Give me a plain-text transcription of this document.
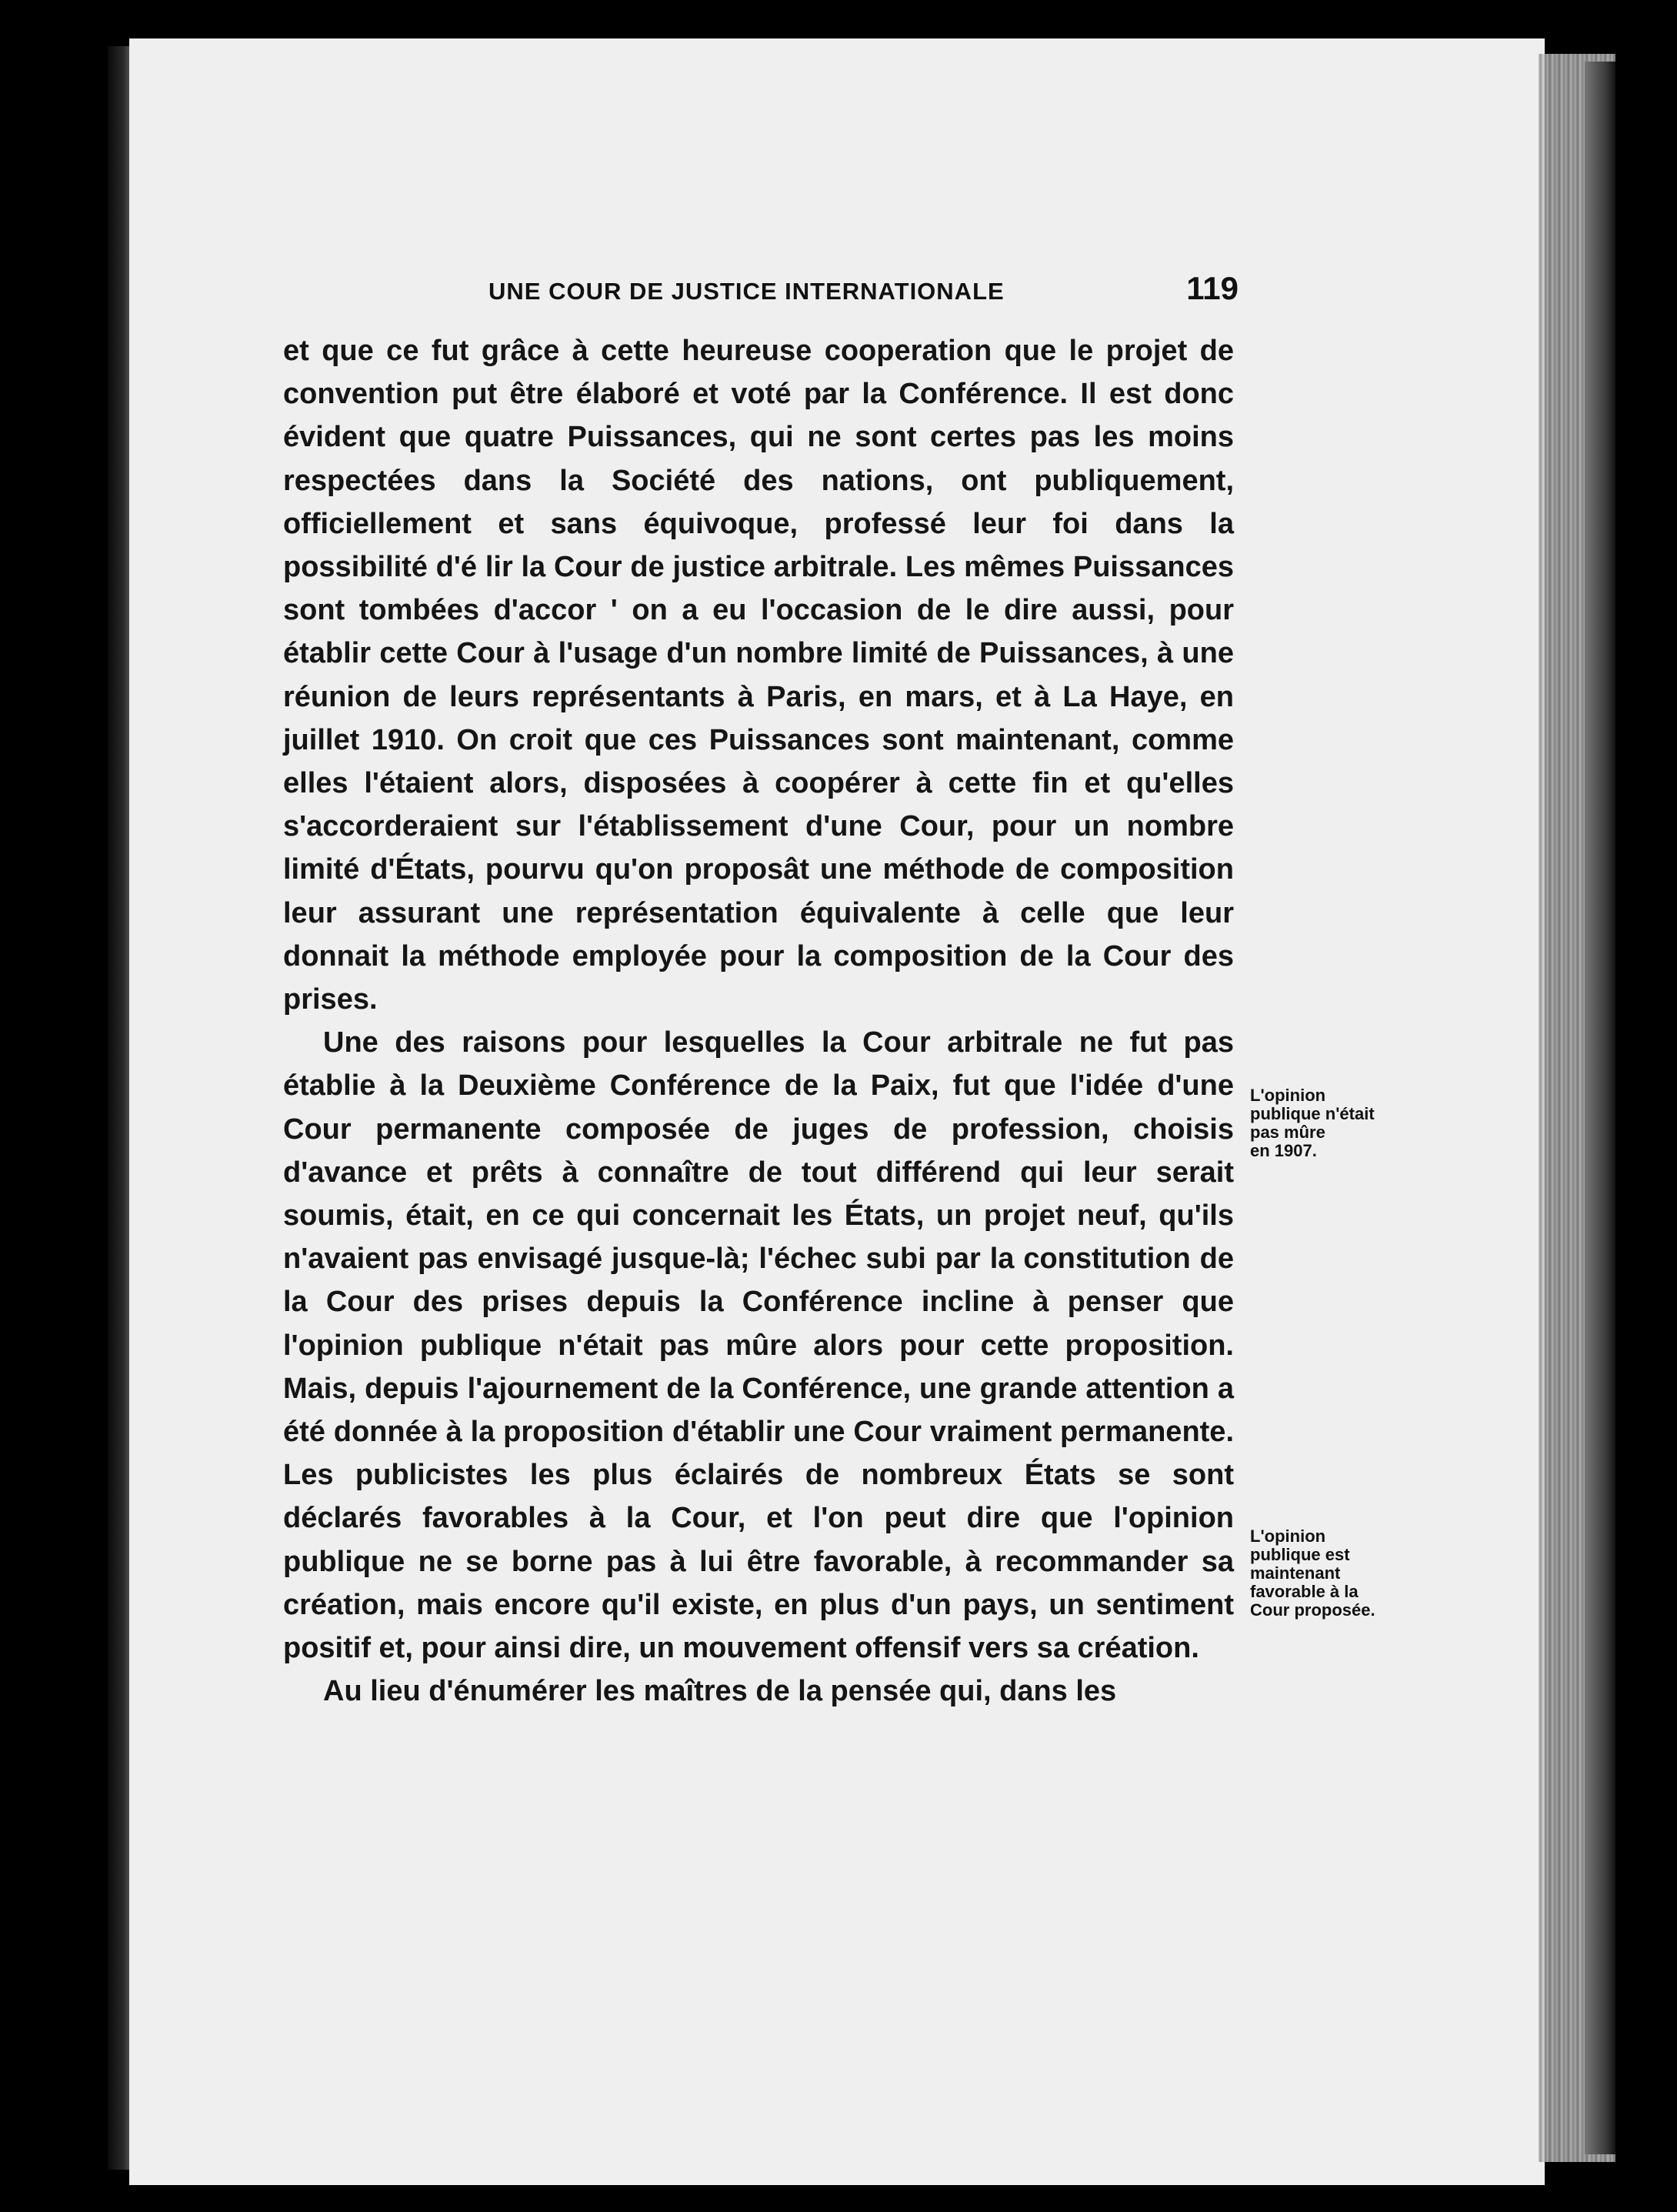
UNE COUR DE JUSTICE INTERNATIONALE	119

et que ce fut grâce à cette heureuse cooperation que le projet de convention put être élaboré et voté par la Conférence. Il est donc évident que quatre Puissances, qui ne sont certes pas les moins respectées dans la Société des nations, ont publiquement, officiellement et sans équivoque, professé leur foi dans la possibilité d'é lir la Cour de justice arbitrale. Les mêmes Puissances sont tombées d'accor ' on a eu l'occasion de le dire aussi, pour établir cette Cour à l'usage d'un nombre limité de Puissances, à une réunion de leurs représentants à Paris, en mars, et à La Haye, en juillet 1910. On croit que ces Puissances sont maintenant, comme elles l'étaient alors, disposées à coopérer à cette fin et qu'elles s'accorderaient sur l'établissement d'une Cour, pour un nombre limité d'États, pourvu qu'on proposât une méthode de composition leur assurant une représentation équivalente à celle que leur donnait la méthode employée pour la composition de la Cour des prises.

Une des raisons pour lesquelles la Cour arbitrale ne fut pas établie à la Deuxième Conférence de la Paix, fut que l'idée d'une Cour permanente composée de juges de profession, choisis d'avance et prêts à connaître de tout différend qui leur serait soumis, était, en ce qui concernait les États, un projet neuf, qu'ils n'avaient pas envisagé jusque-là; l'échec subi par la constitution de la Cour des prises depuis la Conférence incline à penser que l'opinion publique n'était pas mûre alors pour cette proposition. Mais, depuis l'ajournement de la Conférence, une grande attention a été donnée à la proposition d'établir une Cour vraiment permanente. Les publicistes les plus éclairés de nombreux États se sont déclarés favorables à la Cour, et l'on peut dire que l'opinion publique ne se borne pas à lui être favorable, à recommander sa création, mais encore qu'il existe, en plus d'un pays, un sentiment positif et, pour ainsi dire, un mouvement offensif vers sa création.

Au lieu d'énumérer les maîtres de la pensée qui, dans les

L'opinion
publique n'était
pas mûre
en 1907.
L'opinion
publique est
maintenant
favorable à la
Cour proposée.
